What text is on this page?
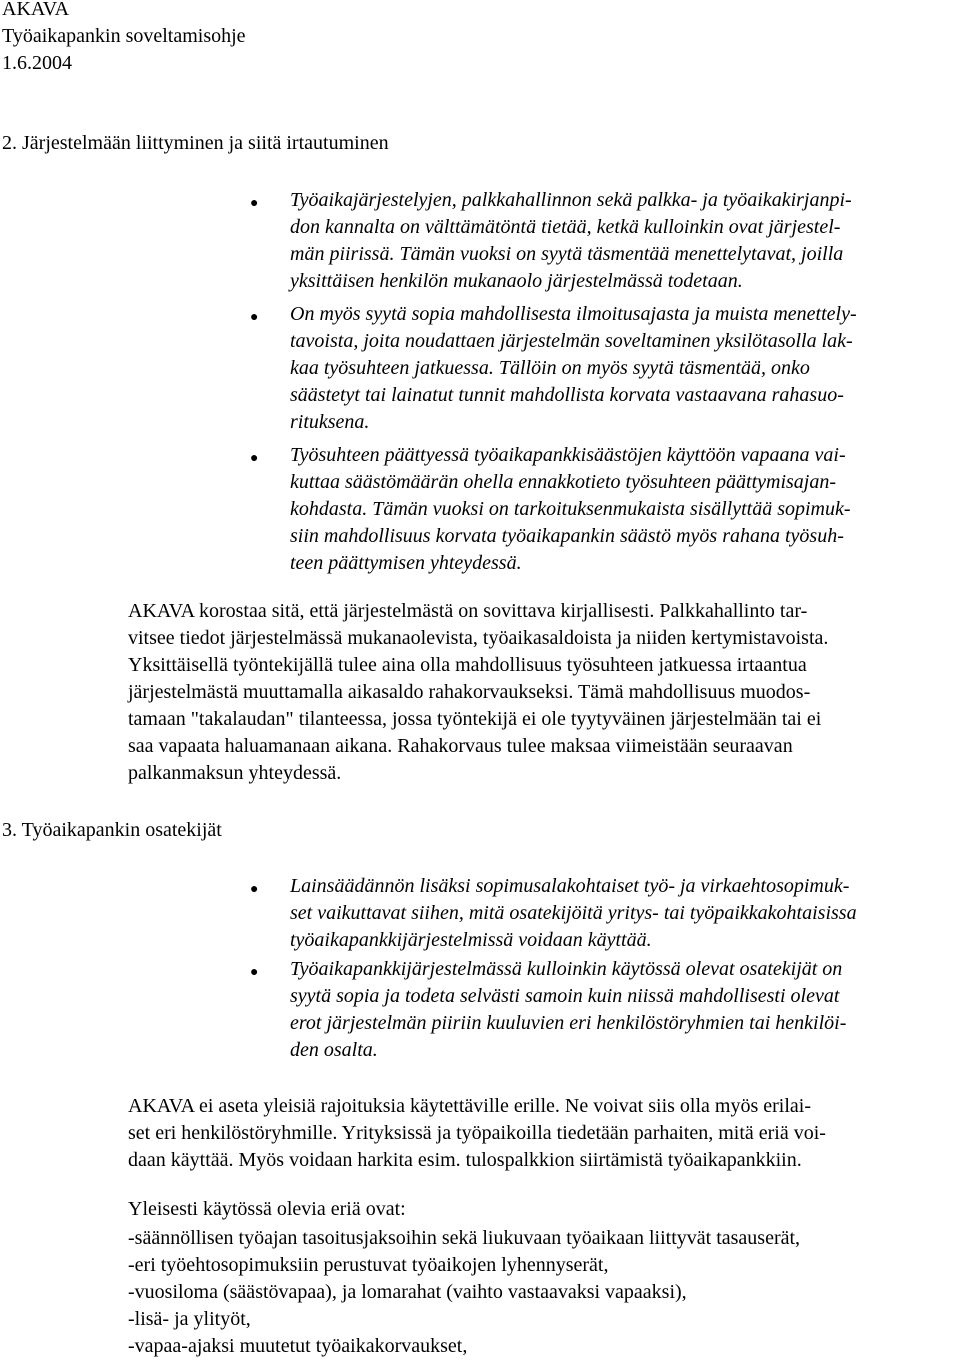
AKAVA
Työaikapankin soveltamisohje
1.6.2004
2. Järjestelmään liittyminen ja siitä irtautuminen
● Työaikajärjestelyjen, palkkahallinnon sekä palkka- ja työaikakirjanpi-
don kannalta on välttämätöntä tietää, ketkä kulloinkin ovat järjestel-
män piirissä. Tämän vuoksi on syytä täsmentää menettelytavat, joilla
yksittäisen henkilön mukanaolo järjestelmässä todetaan.
● On myös syytä sopia mahdollisesta ilmoitusajasta ja muista menettely-
tavoista, joita noudattaen järjestelmän soveltaminen yksilötasolla lak-
kaa työsuhteen jatkuessa. Tällöin on myös syytä täsmentää, onko
säästetyt tai lainatut tunnit mahdollista korvata vastaavana rahasuo-
rituksena.
● Työsuhteen päättyessä työaikapankkisäästöjen käyttöön vapaana vai-
kuttaa säästömäärän ohella ennakkotieto työsuhteen päättymisajan-
kohdasta. Tämän vuoksi on tarkoituksenmukaista sisällyttää sopimuk-
siin mahdollisuus korvata työaikapankin säästö myös rahana työsuh-
teen päättymisen yhteydessä.
AKAVA korostaa sitä, että järjestelmästä on sovittava kirjallisesti. Palkkahallinto tar-
vitsee tiedot järjestelmässä mukanaolevista, työaikasaldoista ja niiden kertymistavoista.
Yksittäisellä työntekijällä tulee aina olla mahdollisuus työsuhteen jatkuessa irtaantua
järjestelmästä muuttamalla aikasaldo rahakorvaukseksi. Tämä mahdollisuus muodos-
tamaan "takalaudan" tilanteessa, jossa työntekijä ei ole tyytyväinen järjestelmään tai ei
saa vapaata haluamanaan aikana. Rahakorvaus tulee maksaa viimeistään seuraavan
palkanmaksun yhteydessä.
3. Työaikapankin osatekijät
● Lainsäädännön lisäksi sopimusalakohtaiset työ- ja virkaehtosopimuk-
set vaikuttavat siihen, mitä osatekijöitä yritys- tai työpaikkakohtaisissa
työaikapankkijärjestelmissä voidaan käyttää.
● Työaikapankkijärjestelmässä kulloinkin käytössä olevat osatekijät on
syytä sopia ja todeta selvästi samoin kuin niissä mahdollisesti olevat
erot järjestelmän piiriin kuuluvien eri henkilöstöryhmien tai henkilöi-
den osalta.
AKAVA ei aseta yleisiä rajoituksia käytettäville erille. Ne voivat siis olla myös erilai-
set eri henkilöstöryhmille. Yrityksissä ja työpaikoilla tiedetään parhaiten, mitä eriä voi-
daan käyttää. Myös voidaan harkita esim. tulospalkkion siirtämistä työaikapankkiin.
Yleisesti käytössä olevia eriä ovat:
-säännöllisen työajan tasoitusjaksoihin sekä liukuvaan työaikaan liittyvät tasauserät,
-eri työehtosopimuksiin perustuvat työaikojen lyhennyserät,
-vuosiloma (säästövapaa), ja lomarahat (vaihto vastaavaksi vapaaksi),
-lisä- ja ylityöt,
-vapaa-ajaksi muutetut työaikakorvaukset,
